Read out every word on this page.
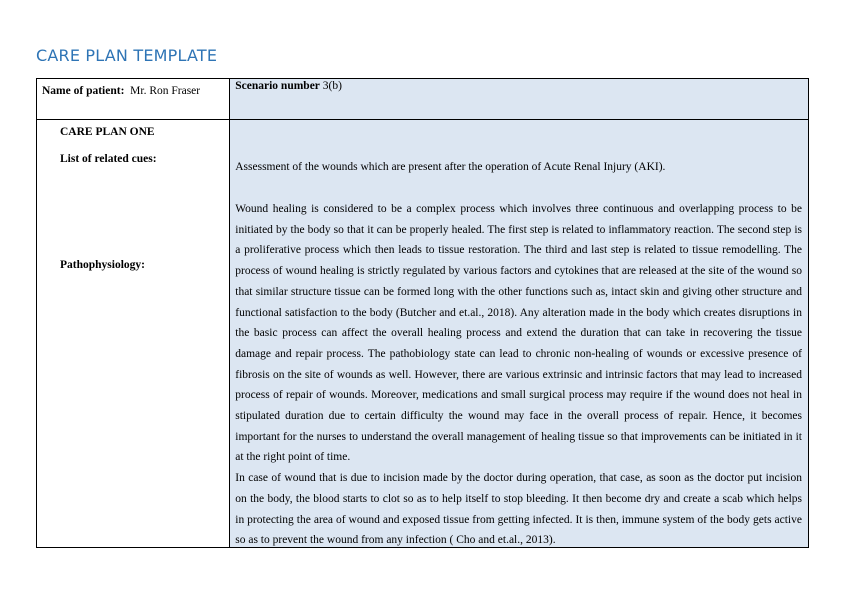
CARE PLAN TEMPLATE
Name of patient: Mr. Ron Fraser	Scenario number 3(b)

CARE PLAN ONE
List of related cues:
Pathophysiology:

Assessment of the wounds which are present after the operation of Acute Renal Injury (AKI).

Wound healing is considered to be a complex process which involves three continuous and overlapping process to be initiated by the body so that it can be properly healed. The first step is related to inflammatory reaction. The second step is a proliferative process which then leads to tissue restoration. The third and last step is related to tissue remodelling. The process of wound healing is strictly regulated by various factors and cytokines that are released at the site of the wound so that similar structure tissue can be formed long with the other functions such as, intact skin and giving other structure and functional satisfaction to the body (Butcher and et.al., 2018). Any alteration made in the body which creates disruptions in the basic process can affect the overall healing process and extend the duration that can take in recovering the tissue damage and repair process. The pathobiology state can lead to chronic non-healing of wounds or excessive presence of fibrosis on the site of wounds as well. However, there are various extrinsic and intrinsic factors that may lead to increased process of repair of wounds. Moreover, medications and small surgical process may require if the wound does not heal in stipulated duration due to certain difficulty the wound may face in the overall process of repair. Hence, it becomes important for the nurses to understand the overall management of healing tissue so that improvements can be initiated in it at the right point of time.

In case of wound that is due to incision made by the doctor during operation, that case, as soon as the doctor put incision on the body, the blood starts to clot so as to help itself to stop bleeding. It then become dry and create a scab which helps in protecting the area of wound and exposed tissue from getting infected. It is then, immune system of the body gets active so as to prevent the wound from any infection ( Cho and et.al., 2013).
